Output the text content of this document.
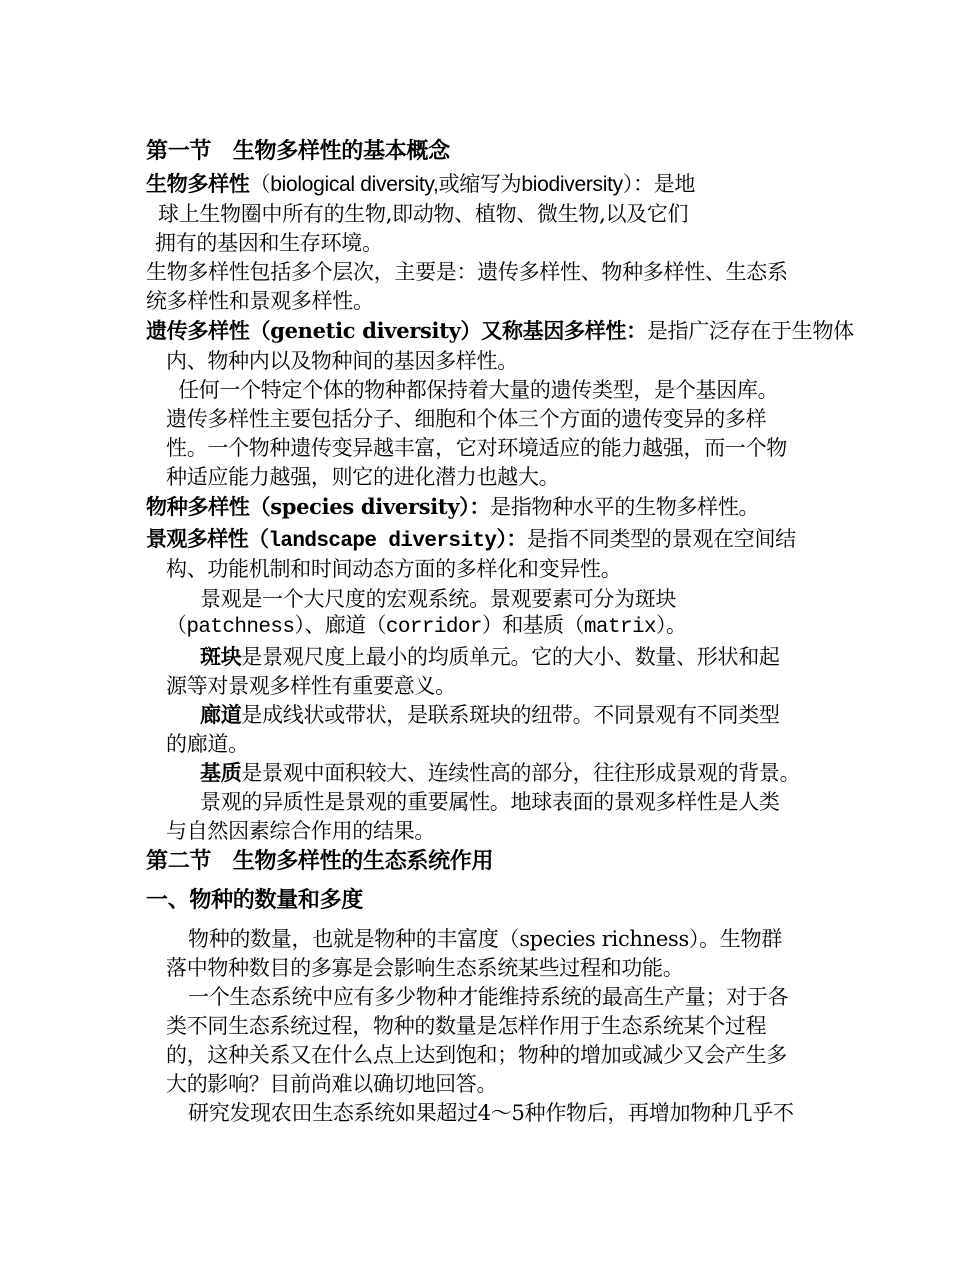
第一节　生物多样性的基本概念
生物多样性（biological diversity,或缩写为biodiversity）：是地
球上生物圈中所有的生物,即动物、植物、微生物,以及它们
拥有的基因和生存环境。
生物多样性包括多个层次，主要是：遗传多样性、物种多样性、生态系
统多样性和景观多样性。
遗传多样性（genetic diversity）又称基因多样性：是指广泛存在于生物体
内、物种内以及物种间的基因多样性。
任何一个特定个体的物种都保持着大量的遗传类型，是个基因库。
遗传多样性主要包括分子、细胞和个体三个方面的遗传变异的多样
性。一个物种遗传变异越丰富，它对环境适应的能力越强，而一个物
种适应能力越强，则它的进化潜力也越大。
物种多样性（species diversity）：是指物种水平的生物多样性。
景观多样性（landscape diversity）：是指不同类型的景观在空间结
构、功能机制和时间动态方面的多样化和变异性。
景观是一个大尺度的宏观系统。景观要素可分为斑块
（patchness）、廊道（corridor）和基质（matrix）。
斑块是景观尺度上最小的均质单元。它的大小、数量、形状和起
源等对景观多样性有重要意义。
廊道是成线状或带状，是联系斑块的纽带。不同景观有不同类型
的廊道。
基质是景观中面积较大、连续性高的部分，往往形成景观的背景。
景观的异质性是景观的重要属性。地球表面的景观多样性是人类
与自然因素综合作用的结果。
第二节　生物多样性的生态系统作用
一、物种的数量和多度
物种的数量，也就是物种的丰富度（species richness）。生物群
落中物种数目的多寡是会影响生态系统某些过程和功能。
一个生态系统中应有多少物种才能维持系统的最高生产量；对于各
类不同生态系统过程，物种的数量是怎样作用于生态系统某个过程
的，这种关系又在什么点上达到饱和；物种的增加或减少又会产生多
大的影响？目前尚难以确切地回答。
研究发现农田生态系统如果超过4～5种作物后，再增加物种几乎不
